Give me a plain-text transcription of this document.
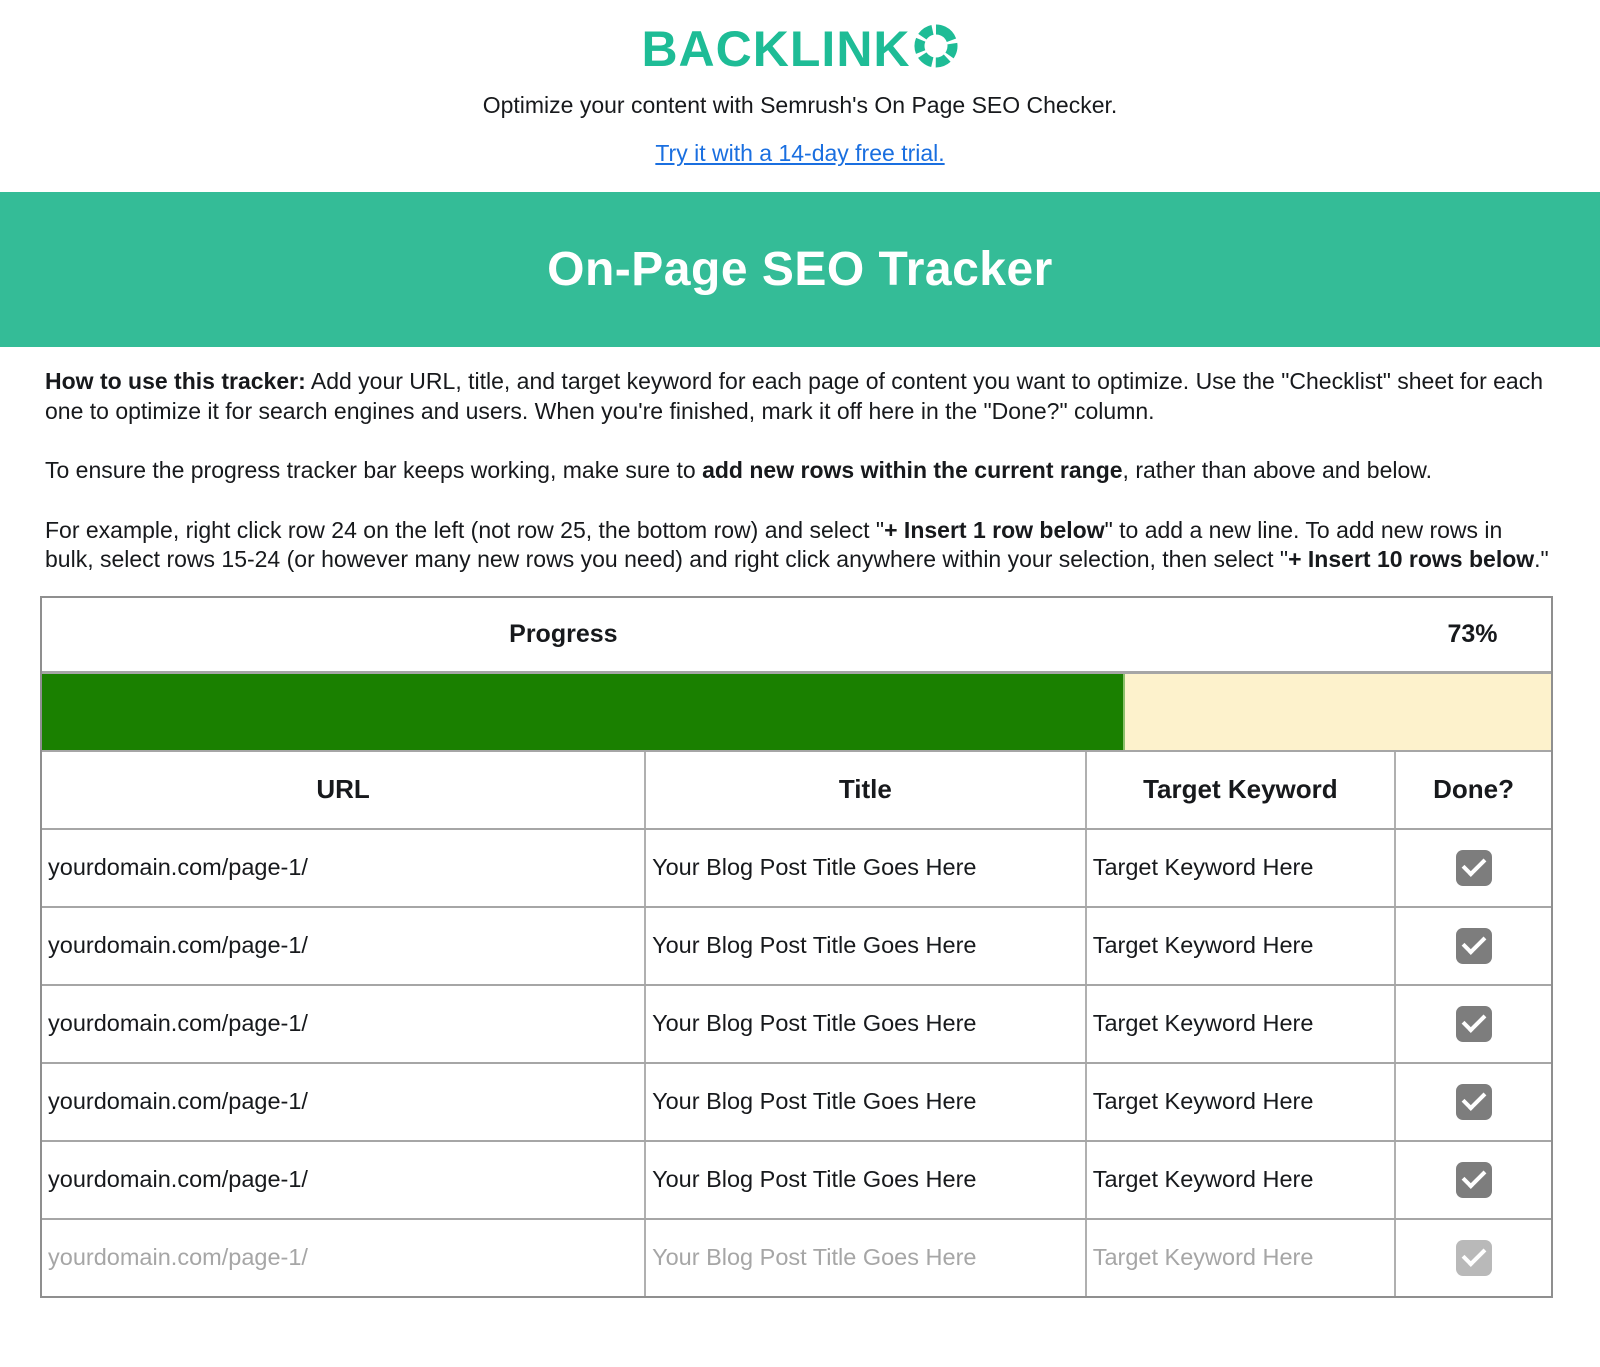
BACKLINK
Optimize your content with Semrush's On Page SEO Checker.
Try it with a 14-day free trial.
On-Page SEO Tracker

How to use this tracker: Add your URL, title, and target keyword for each page of content you want to optimize. Use the "Checklist" sheet for each one to optimize it for search engines and users. When you're finished, mark it off here in the "Done?" column.

To ensure the progress tracker bar keeps working, make sure to add new rows within the current range, rather than above and below.

For example, right click row 24 on the left (not row 25, the bottom row) and select "+ Insert 1 row below" to add a new line. To add new rows in bulk, select rows 15-24 (or however many new rows you need) and right click anywhere within your selection, then select "+ Insert 10 rows below."

Progress	73%
URL	Title	Target Keyword	Done?
yourdomain.com/page-1/	Your Blog Post Title Goes Here	Target Keyword Here
yourdomain.com/page-1/	Your Blog Post Title Goes Here	Target Keyword Here
yourdomain.com/page-1/	Your Blog Post Title Goes Here	Target Keyword Here
yourdomain.com/page-1/	Your Blog Post Title Goes Here	Target Keyword Here
yourdomain.com/page-1/	Your Blog Post Title Goes Here	Target Keyword Here
yourdomain.com/page-1/	Your Blog Post Title Goes Here	Target Keyword Here
